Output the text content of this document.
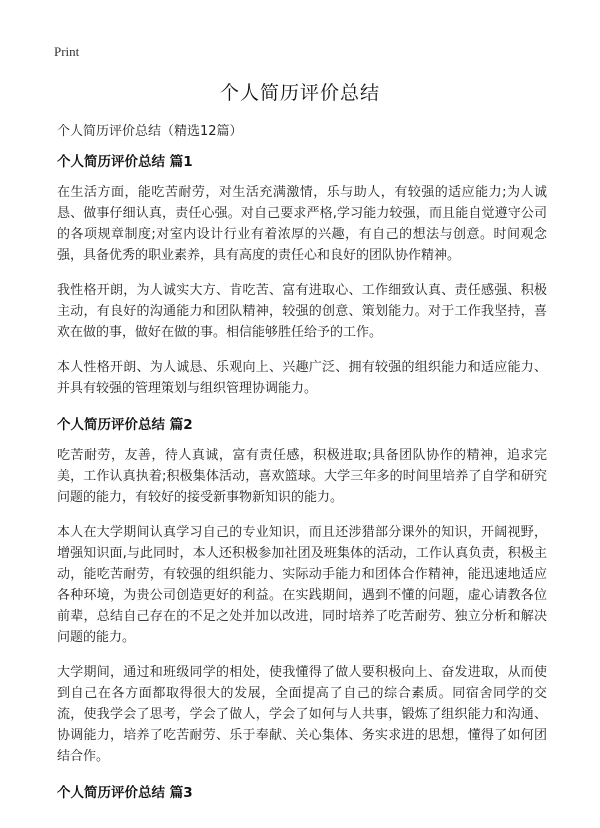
Print
个人简历评价总结

个人简历评价总结（精选12篇）

个人简历评价总结 篇1

在生活方面，能吃苦耐劳，对生活充满激情，乐与助人，有较强的适应能力;为人诚恳、做事仔细认真，责任心强。对自己要求严格,学习能力较强，而且能自觉遵守公司的各项规章制度;对室内设计行业有着浓厚的兴趣，有自己的想法与创意。时间观念强，具备优秀的职业素养，具有高度的责任心和良好的团队协作精神。

我性格开朗，为人诚实大方、肯吃苦、富有进取心、工作细致认真、责任感强、积极主动，有良好的沟通能力和团队精神，较强的创意、策划能力。对于工作我坚持，喜欢在做的事，做好在做的事。相信能够胜任给予的工作。

本人性格开朗、为人诚恳、乐观向上、兴趣广泛、拥有较强的组织能力和适应能力、并具有较强的管理策划与组织管理协调能力。

个人简历评价总结 篇2

吃苦耐劳，友善，待人真诚，富有责任感，积极进取;具备团队协作的精神，追求完美，工作认真执着;积极集体活动，喜欢篮球。大学三年多的时间里培养了自学和研究问题的能力，有较好的接受新事物新知识的能力。

本人在大学期间认真学习自己的专业知识，而且还涉猎部分课外的知识，开阔视野，增强知识面,与此同时，本人还积极参加社团及班集体的活动，工作认真负责，积极主动，能吃苦耐劳，有较强的组织能力、实际动手能力和团体合作精神，能迅速地适应各种环境，为贵公司创造更好的利益。在实践期间，遇到不懂的问题，虚心请教各位前辈，总结自己存在的不足之处并加以改进，同时培养了吃苦耐劳、独立分析和解决问题的能力。

大学期间，通过和班级同学的相处，使我懂得了做人要积极向上、奋发进取，从而使到自己在各方面都取得很大的发展，全面提高了自己的综合素质。同宿舍同学的交流，使我学会了思考，学会了做人，学会了如何与人共事，锻炼了组织能力和沟通、协调能力，培养了吃苦耐劳、乐于奉献、关心集体、务实求进的思想，懂得了如何团结合作。

个人简历评价总结 篇3
